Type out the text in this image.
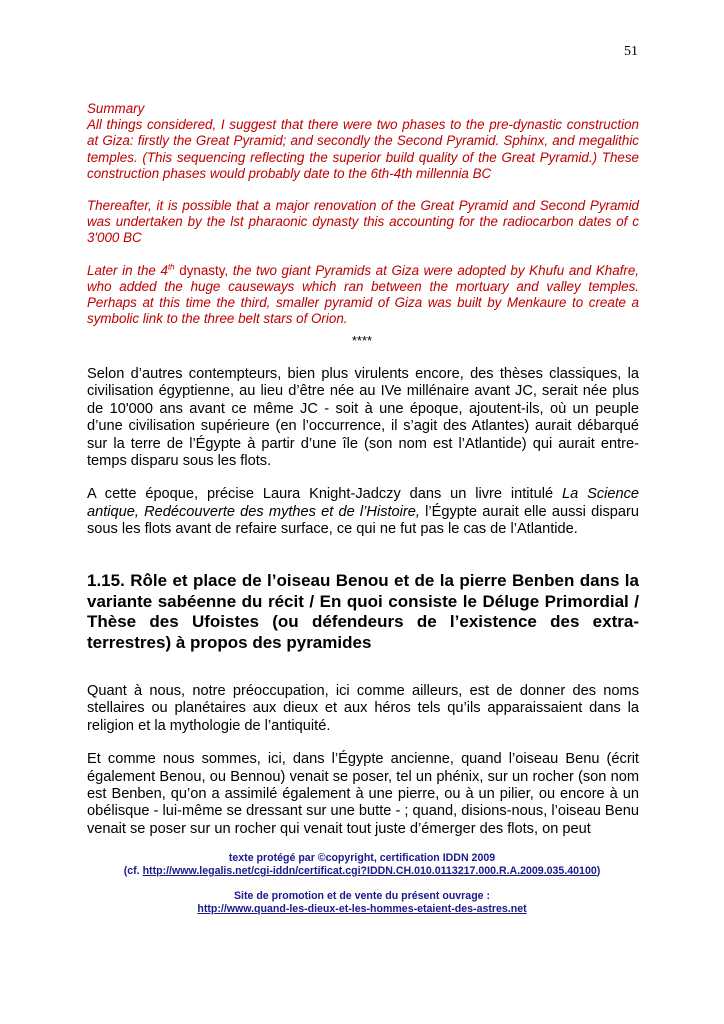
51

Summary
All things considered, I suggest that there were two phases to the pre-dynastic construction at Giza: firstly the Great Pyramid; and secondly the Second Pyramid. Sphinx, and megalithic temples. (This sequencing reflecting the superior build quality of the Great Pyramid.) These construction phases would probably date to the 6th-4th millennia BC

Thereafter, it is possible that a major renovation of the Great Pyramid and Second Pyramid was undertaken by the lst pharaonic dynasty this accounting for the radiocarbon dates of c 3'000 BC

Later in the 4th dynasty, the two giant Pyramids at Giza were adopted by Khufu and Khafre, who added the huge causeways which ran between the mortuary and valley temples. Perhaps at this time the third, smaller pyramid of Giza was built by Menkaure to create a symbolic link to the three belt stars of Orion.

****

Selon d’autres contempteurs, bien plus virulents encore, des thèses classiques, la civilisation égyptienne, au lieu d’être née au IVe millénaire avant JC, serait née plus de 10'000 ans avant ce même JC - soit à une époque, ajoutent-ils, où un peuple d’une civilisation supérieure (en l’occurrence, il s’agit des Atlantes) aurait débarqué sur la terre de l’Égypte à partir d’une île (son nom est l’Atlantide) qui aurait entre-temps disparu sous les flots.

A cette époque, précise Laura Knight-Jadczy dans un livre intitulé La Science antique, Redécouverte des mythes et de l’Histoire, l’Égypte aurait elle aussi disparu sous les flots avant de refaire surface, ce qui ne fut pas le cas de l’Atlantide.

1.15. Rôle et place de l’oiseau Benou et de la pierre Benben dans la variante sabéenne du récit / En quoi consiste le Déluge Primordial / Thèse des Ufoistes (ou défendeurs de l’existence des extra-terrestres) à propos des pyramides

Quant à nous, notre préoccupation, ici comme ailleurs, est de donner des noms stellaires ou planétaires aux dieux et aux héros tels qu’ils apparaissaient dans la religion et la mythologie de l’antiquité.

Et comme nous sommes, ici, dans l’Égypte ancienne, quand l’oiseau Benu (écrit également Benou, ou Bennou) venait se poser, tel un phénix, sur un rocher (son nom est Benben, qu’on a assimilé également à une pierre, ou à un pilier, ou encore à un obélisque - lui-même se dressant sur une butte - ; quand, disions-nous, l’oiseau Benu venait se poser sur un rocher qui venait tout juste d’émerger des flots, on peut

texte protégé par ©copyright, certification IDDN 2009
(cf. http://www.legalis.net/cgi-iddn/certificat.cgi?IDDN.CH.010.0113217.000.R.A.2009.035.40100)
Site de promotion et de vente du présent ouvrage :
http://www.quand-les-dieux-et-les-hommes-etaient-des-astres.net
